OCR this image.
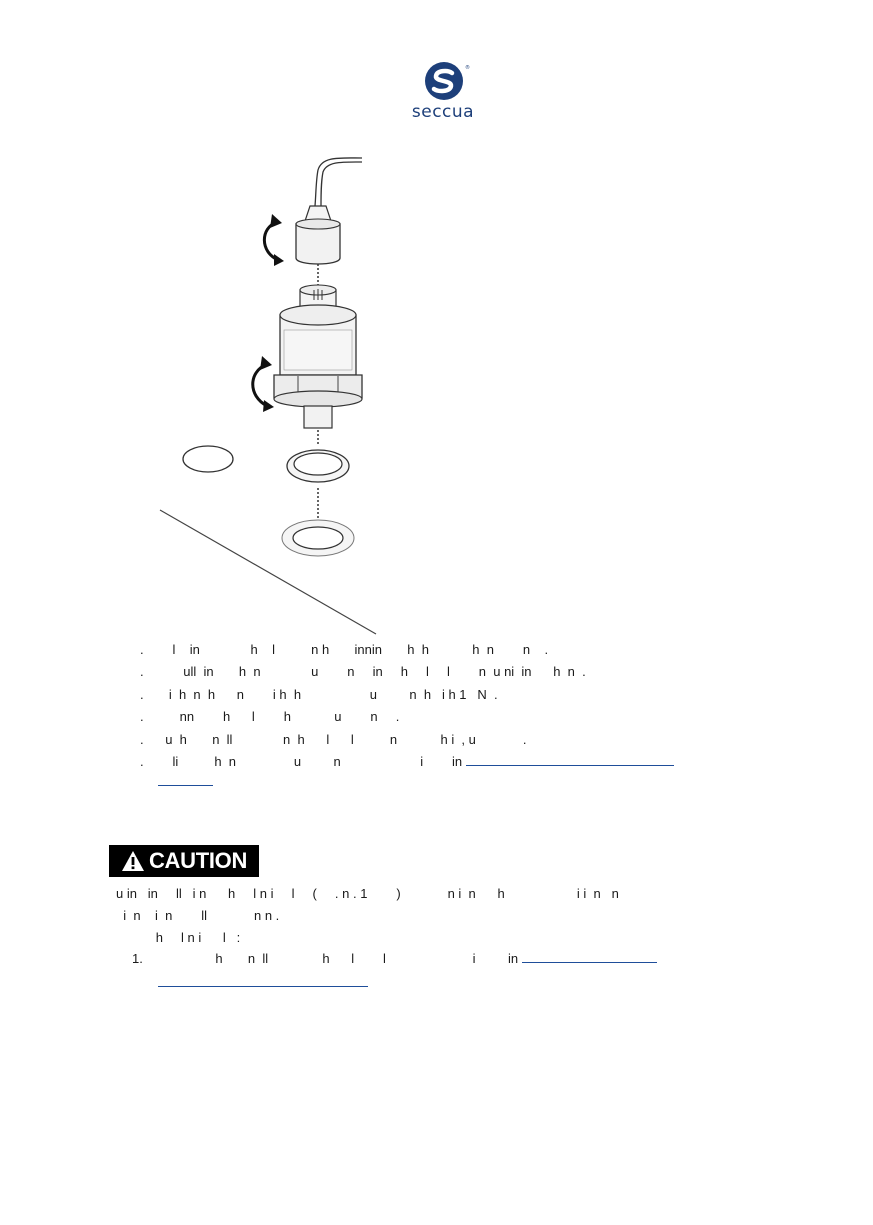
®
seccua

.

	l    in              h    l          n h       innin       h  h            h  n        n    .

.

	ull  in       h  n              u        n     in     h     l     l        n  u ni  in      h  n  .

.

	i  h  n  h      n        i h  h                   u         n  h   i h 1   N  .

.

	nn        h      l        h            u        n     .

.

	u  h       n  ll              n  h      l      l          n            h i  , u             .

.

	li          h  n                u         n                      i        in

CAUTION
u in   in     ll   i n      h     l n i     l     (     . n . 1        )             n i  n      h                    i i  n   n
i  n    i  n        ll             n n .
h     l n i      l   :

1.

h       n  ll               h      l        l                        i         in
